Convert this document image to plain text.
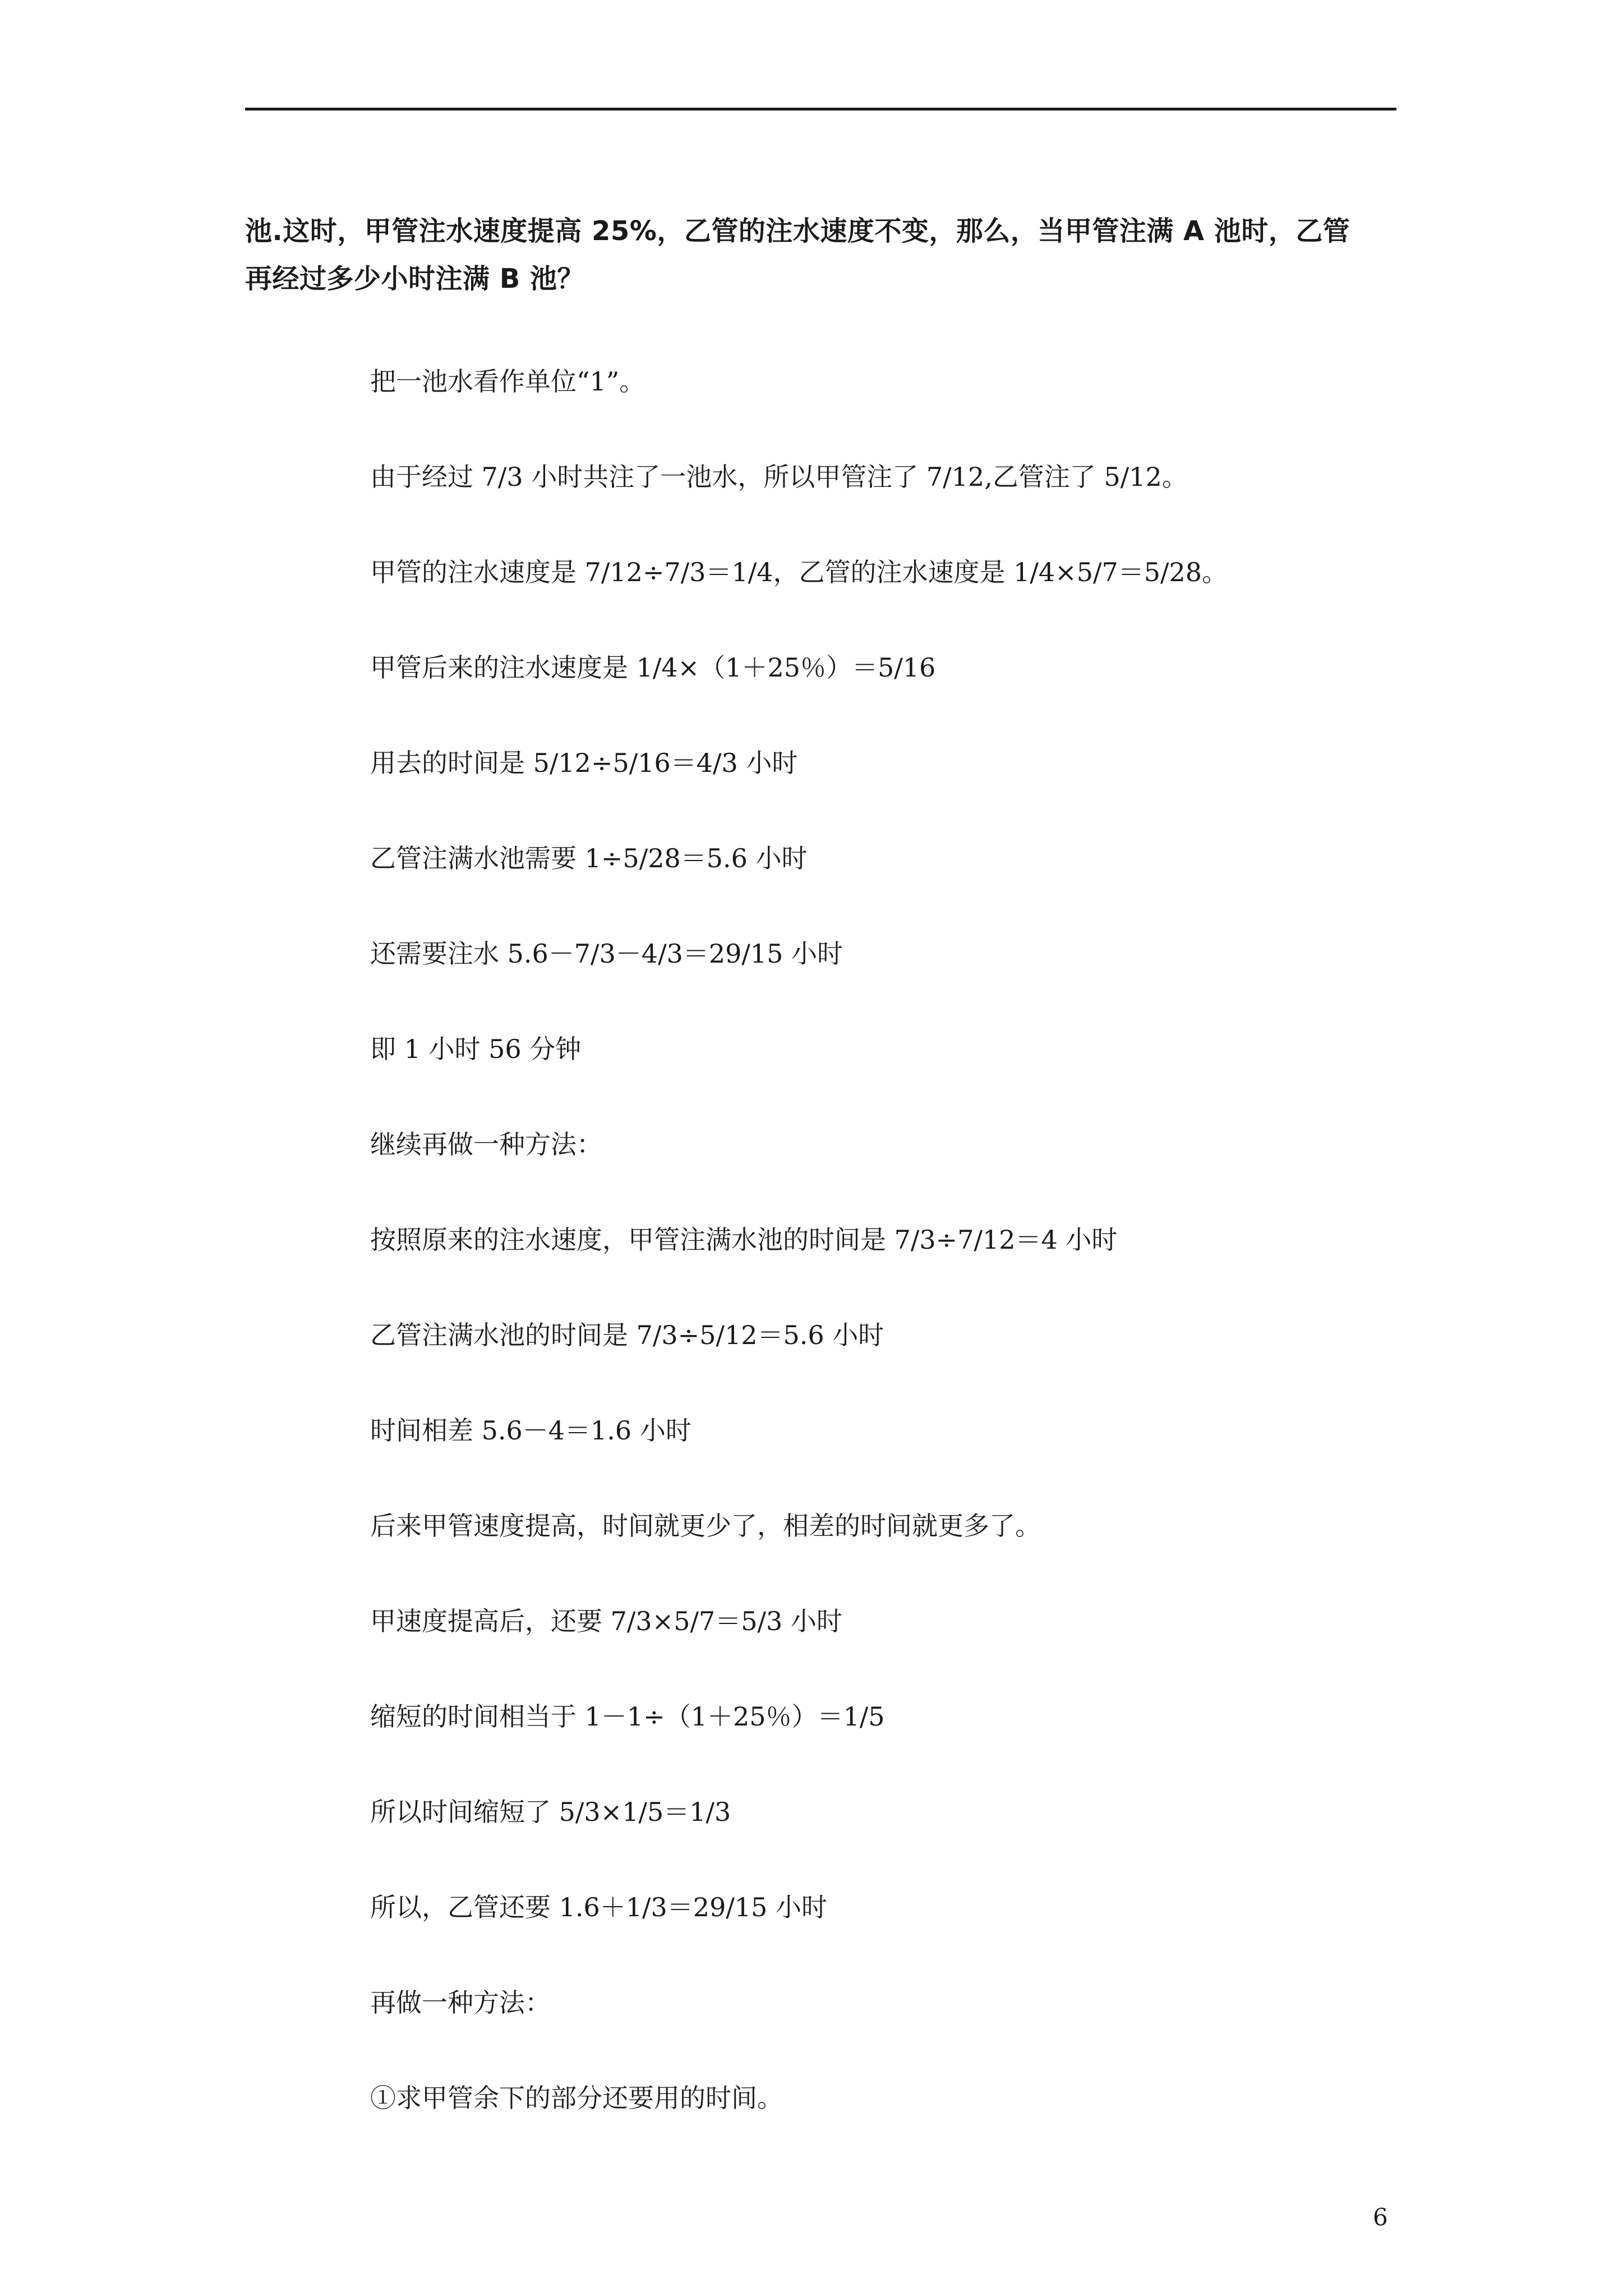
池.这时，甲管注水速度提高 25%，乙管的注水速度不变，那么，当甲管注满 A 池时，乙管
再经过多少小时注满 B 池？
把一池水看作单位“1”。
由于经过 7/3 小时共注了一池水，所以甲管注了 7/12,乙管注了 5/12。
甲管的注水速度是 7/12÷7/3＝1/4，乙管的注水速度是 1/4×5/7＝5/28。
甲管后来的注水速度是 1/4×（1＋25％）＝5/16
用去的时间是 5/12÷5/16＝4/3 小时
乙管注满水池需要 1÷5/28＝5.6 小时
还需要注水 5.6－7/3－4/3＝29/15 小时
即 1 小时 56 分钟
继续再做一种方法：
按照原来的注水速度，甲管注满水池的时间是 7/3÷7/12＝4 小时
乙管注满水池的时间是 7/3÷5/12＝5.6 小时
时间相差 5.6－4＝1.6 小时
后来甲管速度提高，时间就更少了，相差的时间就更多了。
甲速度提高后，还要 7/3×5/7＝5/3 小时
缩短的时间相当于 1－1÷（1＋25％）＝1/5
所以时间缩短了 5/3×1/5＝1/3
所以，乙管还要 1.6＋1/3＝29/15 小时
再做一种方法：
①求甲管余下的部分还要用的时间。
6
